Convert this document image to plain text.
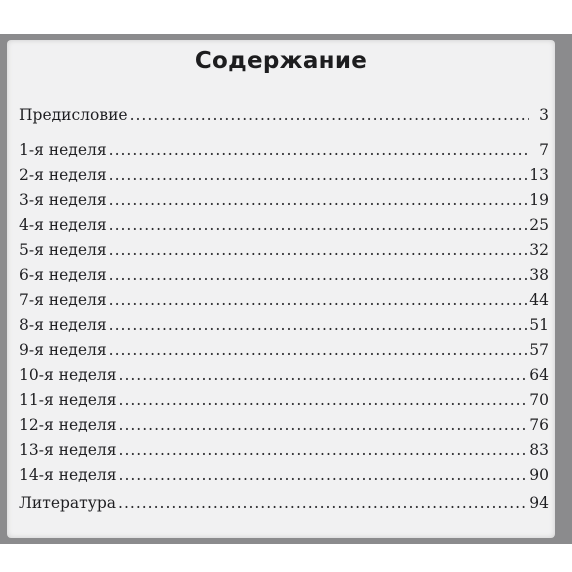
Содержание
Предисловие .....	3
1-я неделя .....	7
2-я неделя .....	13
3-я неделя .....	19
4-я неделя .....	25
5-я неделя .....	32
6-я неделя .....	38
7-я неделя .....	44
8-я неделя .....	51
9-я неделя .....	57
10-я неделя .....	64
11-я неделя .....	70
12-я неделя .....	76
13-я неделя .....	83
14-я неделя .....	90
Литература .....	94
